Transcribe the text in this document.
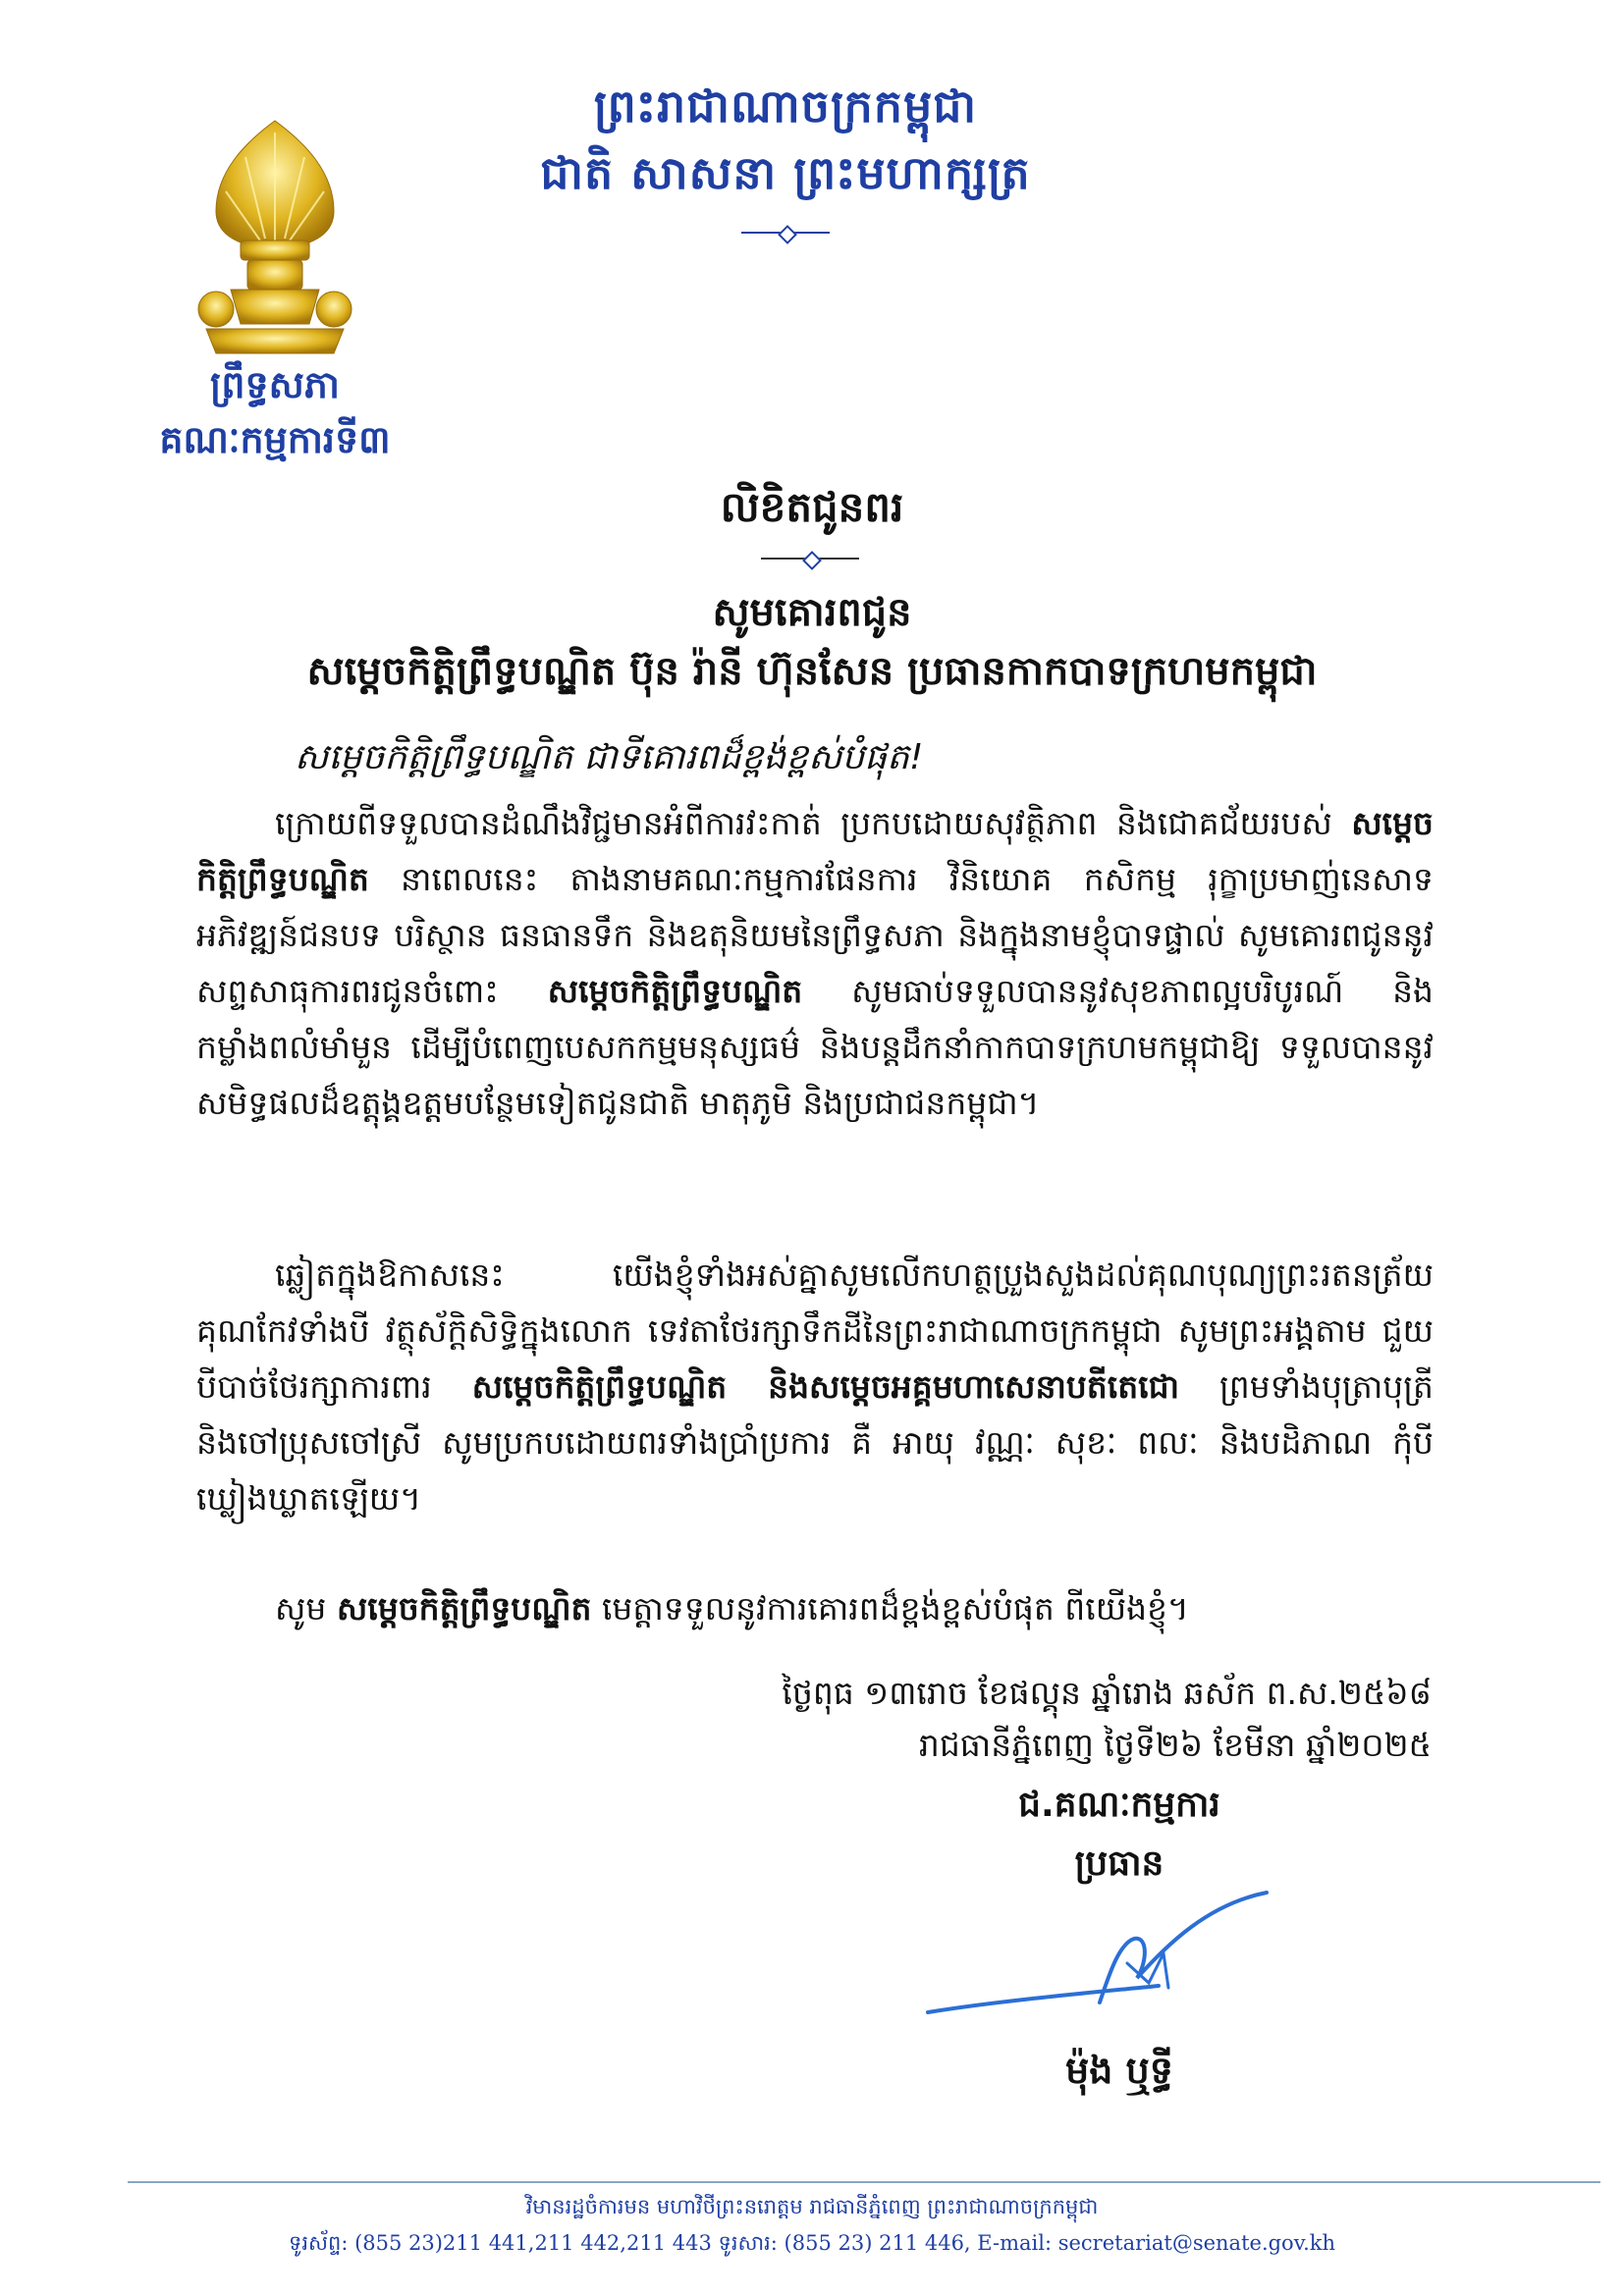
ព្រះរាជាណាចក្រកម្ពុជា
ជាតិ សាសនា ព្រះមហាក្សត្រ
ព្រឹទ្ធសភា
គណៈកម្មការទី៣
លិខិតជូនពរ
សូមគោរពជូន
សម្ដេចកិត្តិព្រឹទ្ធបណ្ឌិត ប៊ុន រ៉ានី ហ៊ុនសែន ប្រធានកាកបាទក្រហមកម្ពុជា
សម្ដេចកិត្តិព្រឹទ្ធបណ្ឌិត ជាទីគោរពដ៏ខ្ពង់ខ្ពស់បំផុត!
ក្រោយពីទទួលបានដំណឹងវិជ្ជមានអំពីការវះកាត់ ប្រកបដោយសុវត្ថិភាព និងជោគជ័យរបស់ សម្ដេចកិត្តិព្រឹទ្ធបណ្ឌិត នាពេលនេះ តាងនាមគណៈកម្មការផែនការ វិនិយោគ កសិកម្ម រុក្ខាប្រមាញ់នេសាទ អភិវឌ្ឍន៍ជនបទ បរិស្ថាន ធនធានទឹក និងឧតុនិយមនៃព្រឹទ្ធសភា និងក្នុងនាមខ្ញុំបាទផ្ទាល់ សូមគោរពជូននូវសព្ទសាធុការពរជូនចំពោះ សម្ដេចកិត្តិព្រឹទ្ធបណ្ឌិត សូមធាប់ទទួលបាននូវសុខភាពល្អបរិបូរណ៍ និងកម្លាំងពលំមាំមួន ដើម្បីបំពេញបេសកកម្មមនុស្សធម៌ និងបន្តដឹកនាំកាកបាទក្រហមកម្ពុជាឱ្យ ទទួលបាននូវសមិទ្ធផលដ៏ឧត្តុង្គឧត្តមបន្ថែមទៀតជូនជាតិ មាតុភូមិ និងប្រជាជនកម្ពុជា។
ឆ្លៀតក្នុងឱកាសនេះ យើងខ្ញុំទាំងអស់គ្នាសូមលើកហត្ថប្រួងសួងដល់គុណបុណ្យព្រះរតនត្រ័យ គុណកែវទាំងបី វត្ថុស័ក្តិសិទ្ធិក្នុងលោក ទេវតាថែរក្សាទឹកដីនៃព្រះរាជាណាចក្រកម្ពុជា សូមព្រះអង្គតាម ជួយបីបាច់ថែរក្សាការពារ សម្ដេចកិត្តិព្រឹទ្ធបណ្ឌិត និងសម្ដេចអគ្គមហាសេនាបតីតេជោ ព្រមទាំងបុត្រាបុត្រី និងចៅប្រុសចៅស្រី សូមប្រកបដោយពរទាំងប្រាំប្រការ គឺ អាយុ វណ្ណៈ សុខៈ ពលៈ និងបដិភាណ កុំបីឃ្លៀងឃ្លាតឡើយ។
សូម សម្ដេចកិត្តិព្រឹទ្ធបណ្ឌិត មេត្តាទទួលនូវការគោរពដ៏ខ្ពង់ខ្ពស់បំផុត ពីយើងខ្ញុំ។
ថ្ងៃពុធ ១៣រោច ខែផល្គុន ឆ្នាំរោង ឆស័ក ព.ស.២៥៦៨
រាជធានីភ្នំពេញ ថ្ងៃទី២៦ ខែមីនា ឆ្នាំ២០២៥
ជ.គណៈកម្មការ
ប្រធាន
ម៉ុង ឬទ្ធី
វិមានរដ្ឋចំការមន មហាវិថីព្រះនរោត្តម រាជធានីភ្នំពេញ ព្រះរាជាណាចក្រកម្ពុជា
ទូរស័ព្ទ: (855 23)211 441,211 442,211 443 ទូរសារ: (855 23) 211 446, E-mail: secretariat@senate.gov.kh
